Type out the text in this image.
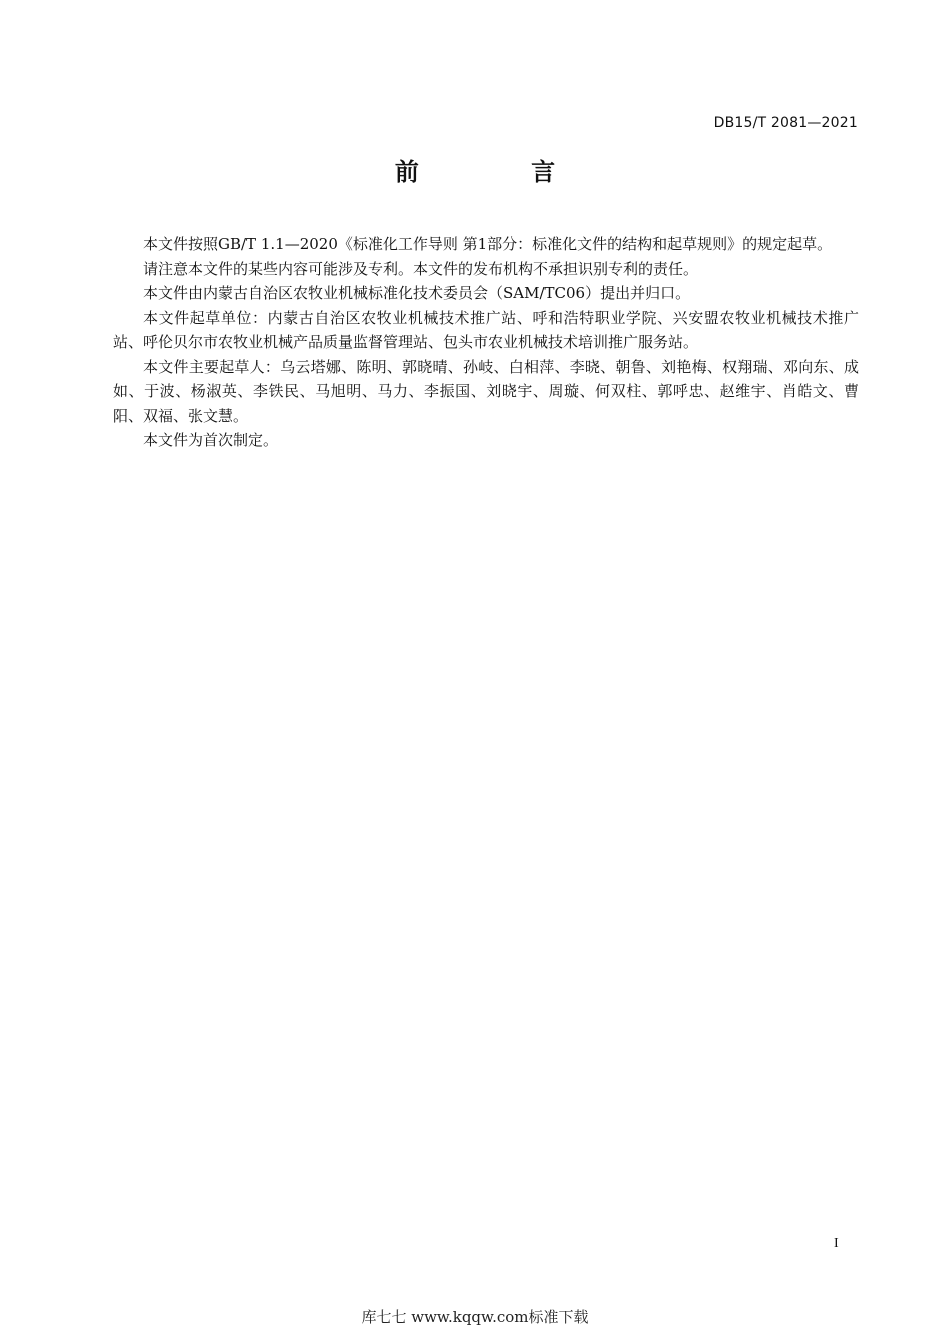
DB15/T 2081—2021
前 言

本文件按照GB/T 1.1—2020《标准化工作导则 第1部分：标准化文件的结构和起草规则》的规定起草。

请注意本文件的某些内容可能涉及专利。本文件的发布机构不承担识别专利的责任。

本文件由内蒙古自治区农牧业机械标准化技术委员会（SAM/TC06）提出并归口。

本文件起草单位：内蒙古自治区农牧业机械技术推广站、呼和浩特职业学院、兴安盟农牧业机械技术推广站、呼伦贝尔市农牧业机械产品质量监督管理站、包头市农业机械技术培训推广服务站。

本文件主要起草人：乌云塔娜、陈明、郭晓晴、孙岐、白相萍、李晓、朝鲁、刘艳梅、权翔瑞、邓向东、成如、于波、杨淑英、李铁民、马旭明、马力、李振国、刘晓宇、周璇、何双柱、郭呼忠、赵维宇、肖皓文、曹阳、双福、张文慧。

本文件为首次制定。

I
库七七 www.kqqw.com标准下载
